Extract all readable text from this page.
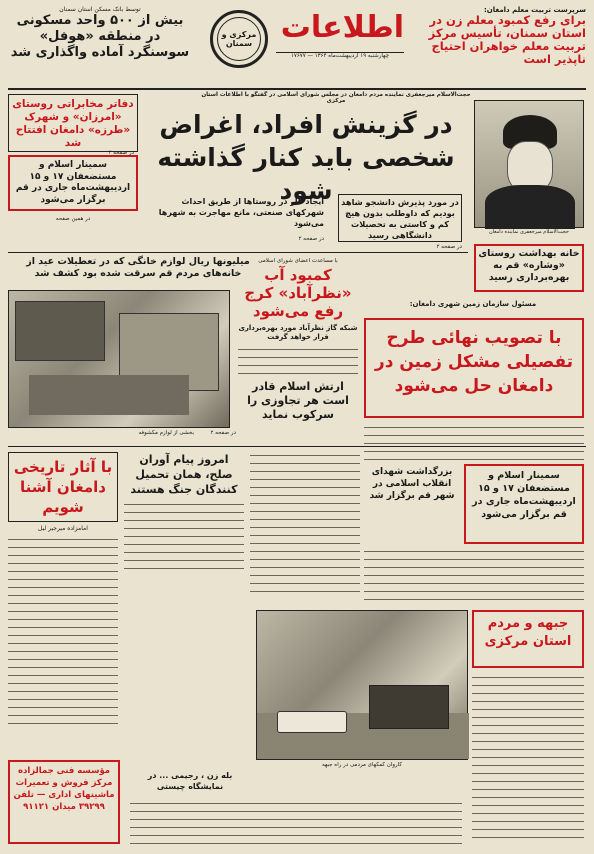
سرپرست تربیت معلم دامغان:
برای رفع کمبود معلم زن در استان سمنان، تأسیس مرکز تربیت معلم خواهران احتیاج ناپذیر است
اطلاعات
مرکزی و سمنان
چهارشنبه ۱۹ اردیبهشت‌ماه ۱۳۶۴ — ۱۷۶۷۷
توسط بانک مسکن استان سمنان
بیش از ۵۰۰ واحد مسکونی در منطقه «هوفل» سوسنگرد آماده واگذاری شد
حجت‌الاسلام میرجعفری نماینده مردم دامغان در مجلس شورای اسلامی در گفتگو با اطلاعات استان مرکزی
در گزینش افراد، اغراض شخصی باید کنار گذاشته شود
حجت‌الاسلام میرجعفری نماینده دامغان
دفاتر مخابراتی روستای «امرزان» و شهرک «طرزه» دامغان افتتاح شد
در صفحه ۲
سمینار اسلام و مستضعفان ۱۷ و ۱۵ اردیبهشت‌ماه جاری در قم برگزار می‌شود
در همین صفحه
ایجاد کار در روستاها از طریق احداث شهرکهای صنعتی، مانع مهاجرت به شهرها می‌شود
در مورد پذیرش دانشجو شاهد بودیم که داوطلب بدون هیچ کم و کاستی به تحصیلات دانشگاهی رسید
در صفحه ۲
در صفحه ۲
خانه بهداشت روستای «وشاره» قم به بهره‌برداری رسید
میلیونها ریال لوازم خانگی که در تعطیلات عید از خانه‌های مردم قم سرقت شده بود کشف شد
بخشی از لوازم مکشوفه	در صفحه ۲
با مساعدت اعضای شورای اسلامی
کمبود آب «نظرآباد» کرج رفع می‌شود
شبکه گاز نظرآباد مورد بهره‌برداری قرار خواهد گرفت
ارتش اسلام قادر است هر تجاوزی را سرکوب نماید
مسئول سازمان زمین شهری دامغان:
با تصویب نهائی طرح تفصیلی مشکل زمین در دامغان حل می‌شود
با آثار تاریخی دامغان آشنا شویم
امامزاده میرجیر لیل
امروز پیام آوران صلح، همان تحمیل کنندگان جنگ هستند
بزرگداشت شهدای انقلاب اسلامی در شهر قم برگزار شد
سمینار اسلام و مستضعفان ۱۷ و ۱۵ اردیبهشت‌ماه جاری در قم برگزار می‌شود
جبهه و مردم استان مرکزی
کاروان کمکهای مردمی در راه جبهه
مؤسسه فنی جمالزاده مرکز فروش و تعمیرات ماشینهای اداری — تلفن ۳۹۲۹۹ میدان ۹۱۱۲۱
بله زن ، رجیمی ... در نمایشگاه چیستی
